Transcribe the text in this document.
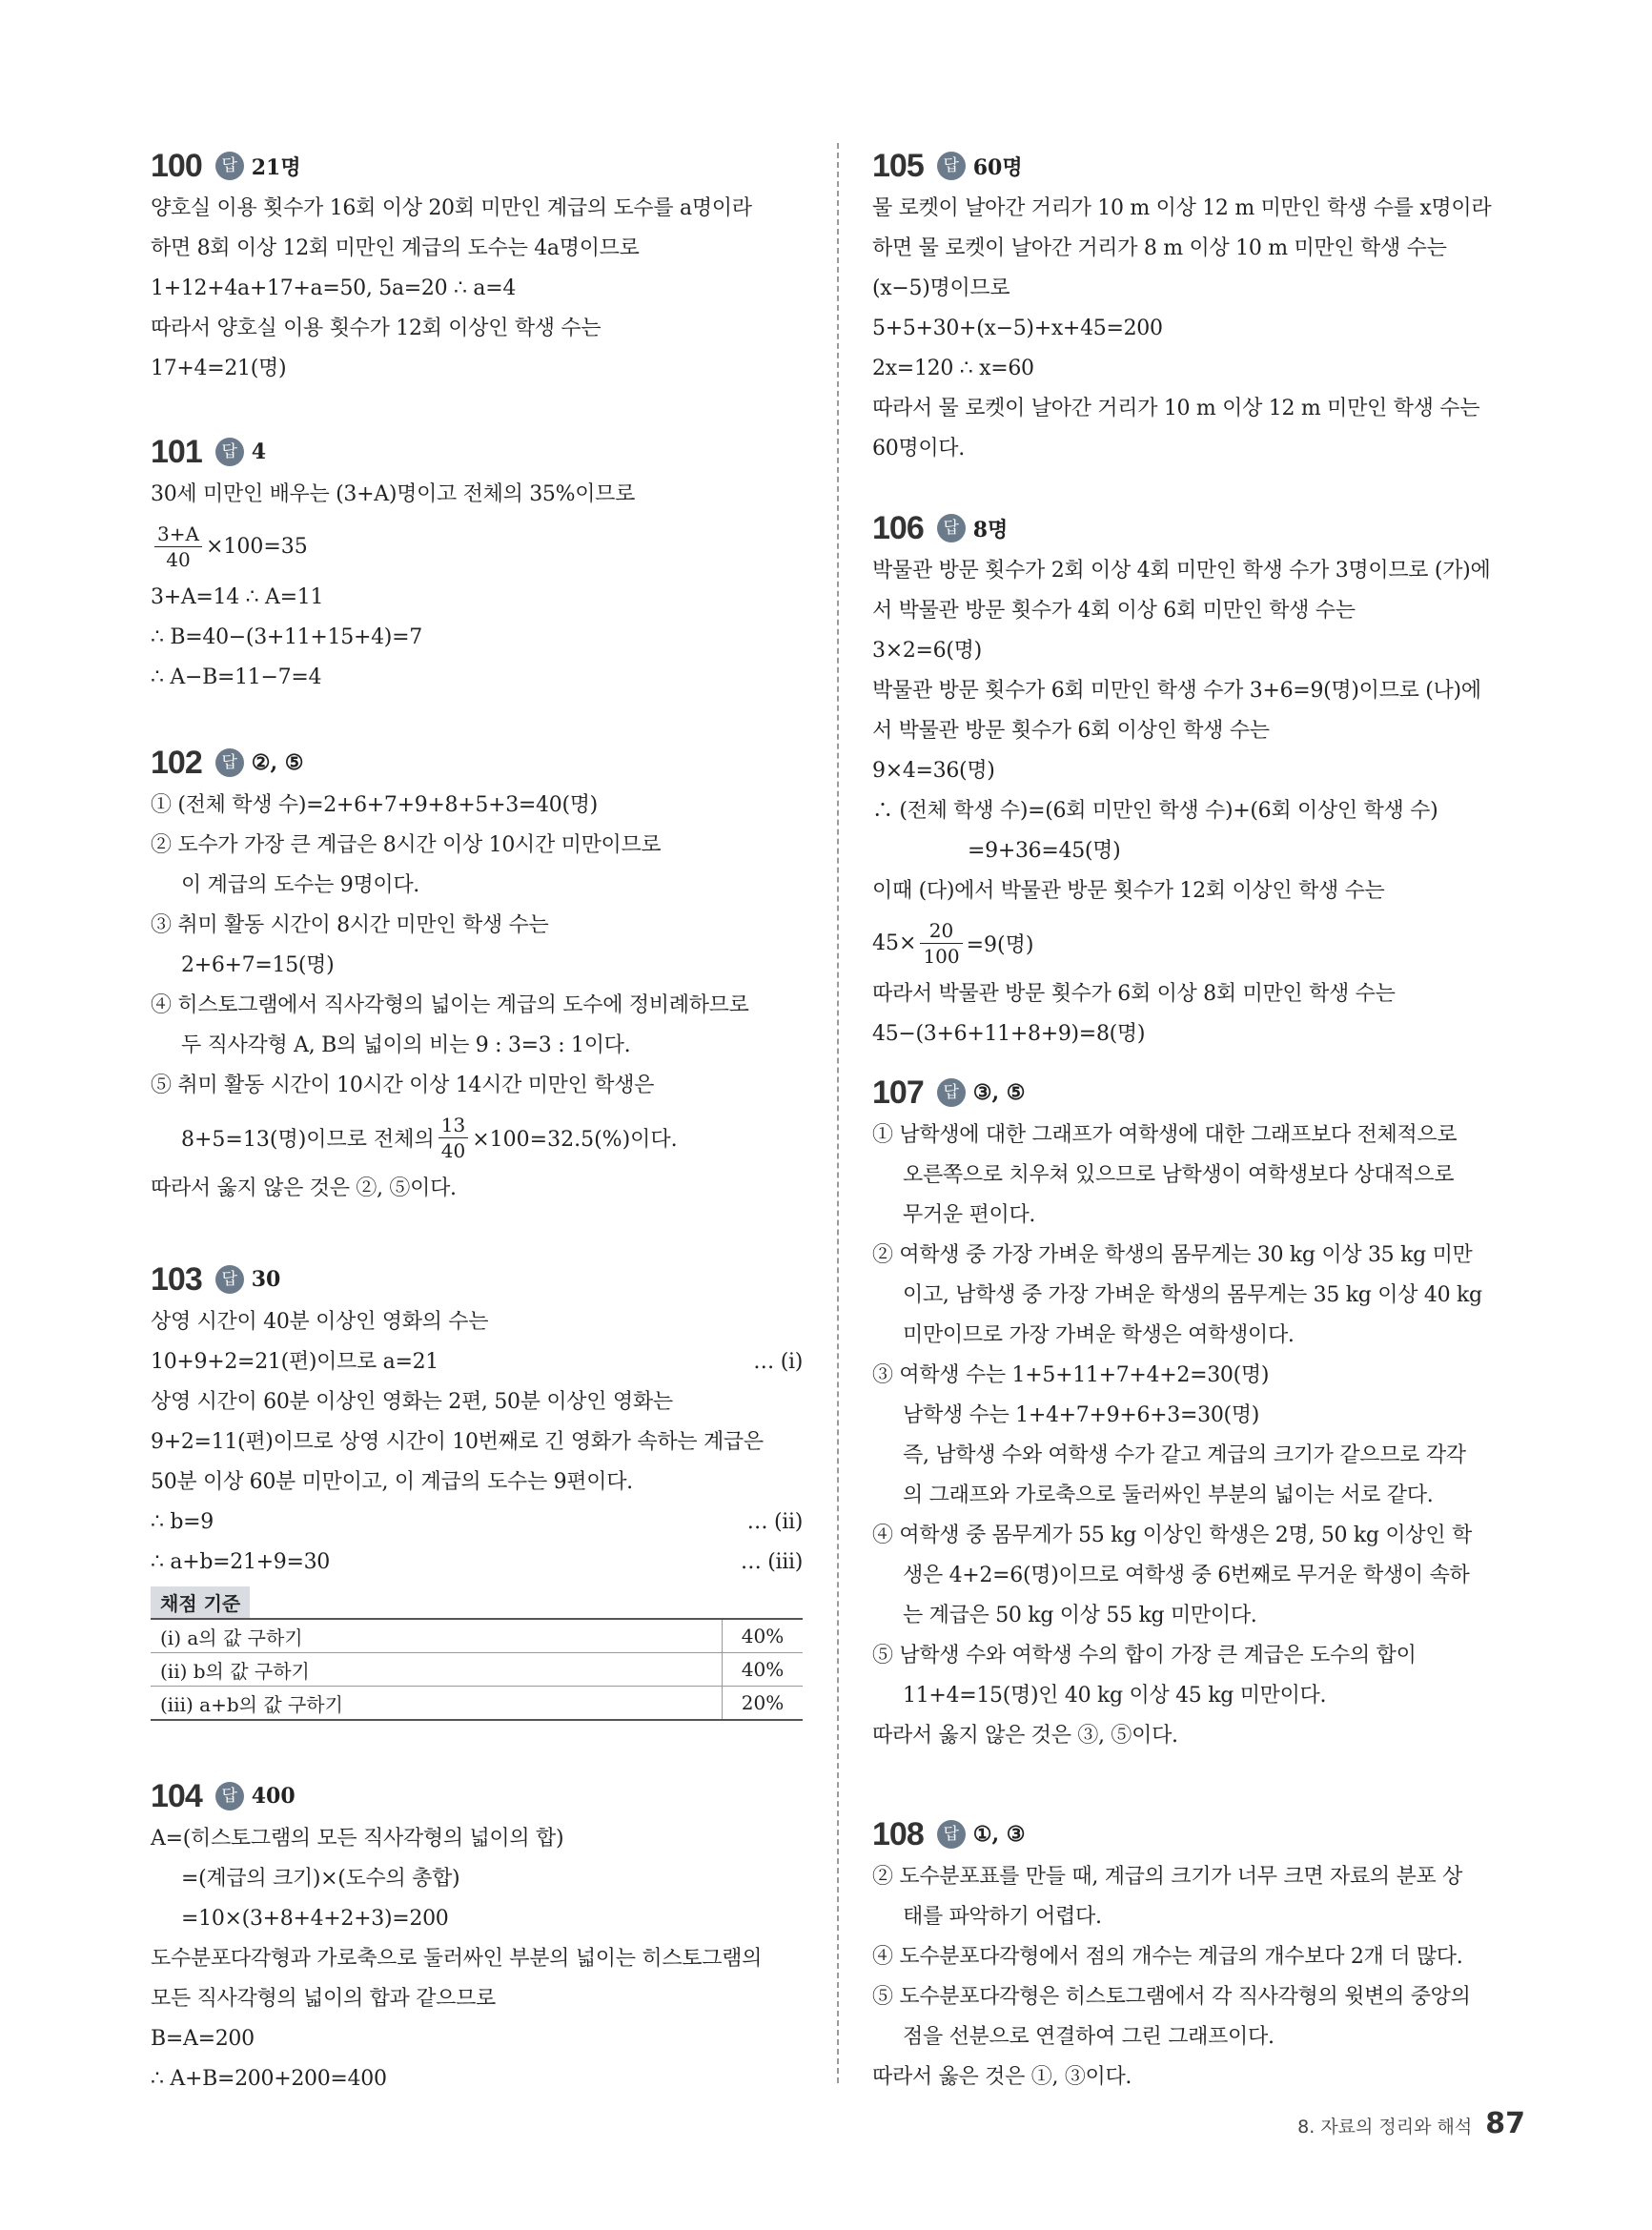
100	답 21명
양호실 이용 횟수가 16회 이상 20회 미만인 계급의 도수를 a명이라
하면 8회 이상 12회 미만인 계급의 도수는 4a명이므로
1+12+4a+17+a=50, 5a=20 ∴ a=4
따라서 양호실 이용 횟수가 12회 이상인 학생 수는
17+4=21(명)
101	답 4
30세 미만인 배우는 (3+A)명이고 전체의 35%이므로
$\frac{3+A}{40} \times 100=35$
3+A=14 ∴ A=11
∴ B=40−(3+11+15+4)=7
∴ A−B=11−7=4
102	답 ②, ⑤
① (전체 학생 수)=2+6+7+9+8+5+3=40(명)
② 도수가 가장 큰 계급은 8시간 이상 10시간 미만이므로
이 계급의 도수는 9명이다.
③ 취미 활동 시간이 8시간 미만인 학생 수는
2+6+7=15(명)
④ 히스토그램에서 직사각형의 넓이는 계급의 도수에 정비례하므로
두 직사각형 A, B의 넓이의 비는 9 : 3=3 : 1이다.
⑤ 취미 활동 시간이 10시간 이상 14시간 미만인 학생은
8+5=13(명)이므로 전체의 $\frac{13}{40} \times 100=32.5(\%)$이다.
따라서 옳지 않은 것은 ②, ⑤이다.
103	답 30
상영 시간이 40분 이상인 영화의 수는
10+9+2=21(편)이므로 a=21	… (i)
상영 시간이 60분 이상인 영화는 2편, 50분 이상인 영화는
9+2=11(편)이므로 상영 시간이 10번째로 긴 영화가 속하는 계급은
50분 이상 60분 미만이고, 이 계급의 도수는 9편이다.
∴ b=9	… (ii)
∴ a+b=21+9=30	… (iii)
채점 기준
(i) a의 값 구하기	40%
(ii) b의 값 구하기	40%
(iii) a+b의 값 구하기	20%
104	답 400
A=(히스토그램의 모든 직사각형의 넓이의 합)
=(계급의 크기)×(도수의 총합)
=10×(3+8+4+2+3)=200
도수분포다각형과 가로축으로 둘러싸인 부분의 넓이는 히스토그램의
모든 직사각형의 넓이의 합과 같으므로
B=A=200
∴ A+B=200+200=400
105	답 60명
물 로켓이 날아간 거리가 10 m 이상 12 m 미만인 학생 수를 x명이라
하면 물 로켓이 날아간 거리가 8 m 이상 10 m 미만인 학생 수는
(x−5)명이므로
5+5+30+(x−5)+x+45=200
2x=120 ∴ x=60
따라서 물 로켓이 날아간 거리가 10 m 이상 12 m 미만인 학생 수는
60명이다.
106	답 8명
박물관 방문 횟수가 2회 이상 4회 미만인 학생 수가 3명이므로 (가)에
서 박물관 방문 횟수가 4회 이상 6회 미만인 학생 수는
3×2=6(명)
박물관 방문 횟수가 6회 미만인 학생 수가 3+6=9(명)이므로 (나)에
서 박물관 방문 횟수가 6회 이상인 학생 수는
9×4=36(명)
∴ (전체 학생 수)=(6회 미만인 학생 수)+(6회 이상인 학생 수)
=9+36=45(명)
이때 (다)에서 박물관 방문 횟수가 12회 이상인 학생 수는
$45\times \frac{20}{100} =9$(명)
따라서 박물관 방문 횟수가 6회 이상 8회 미만인 학생 수는
45−(3+6+11+8+9)=8(명)
107	답 ③, ⑤
① 남학생에 대한 그래프가 여학생에 대한 그래프보다 전체적으로
오른쪽으로 치우쳐 있으므로 남학생이 여학생보다 상대적으로
무거운 편이다.
② 여학생 중 가장 가벼운 학생의 몸무게는 30 kg 이상 35 kg 미만
이고, 남학생 중 가장 가벼운 학생의 몸무게는 35 kg 이상 40 kg
미만이므로 가장 가벼운 학생은 여학생이다.
③ 여학생 수는 1+5+11+7+4+2=30(명)
남학생 수는 1+4+7+9+6+3=30(명)
즉, 남학생 수와 여학생 수가 같고 계급의 크기가 같으므로 각각
의 그래프와 가로축으로 둘러싸인 부분의 넓이는 서로 같다.
④ 여학생 중 몸무게가 55 kg 이상인 학생은 2명, 50 kg 이상인 학
생은 4+2=6(명)이므로 여학생 중 6번째로 무거운 학생이 속하
는 계급은 50 kg 이상 55 kg 미만이다.
⑤ 남학생 수와 여학생 수의 합이 가장 큰 계급은 도수의 합이
11+4=15(명)인 40 kg 이상 45 kg 미만이다.
따라서 옳지 않은 것은 ③, ⑤이다.
108	답 ①, ③
② 도수분포표를 만들 때, 계급의 크기가 너무 크면 자료의 분포 상
태를 파악하기 어렵다.
④ 도수분포다각형에서 점의 개수는 계급의 개수보다 2개 더 많다.
⑤ 도수분포다각형은 히스토그램에서 각 직사각형의 윗변의 중앙의
점을 선분으로 연결하여 그린 그래프이다.
따라서 옳은 것은 ①, ③이다.
8. 자료의 정리와 해석 87
